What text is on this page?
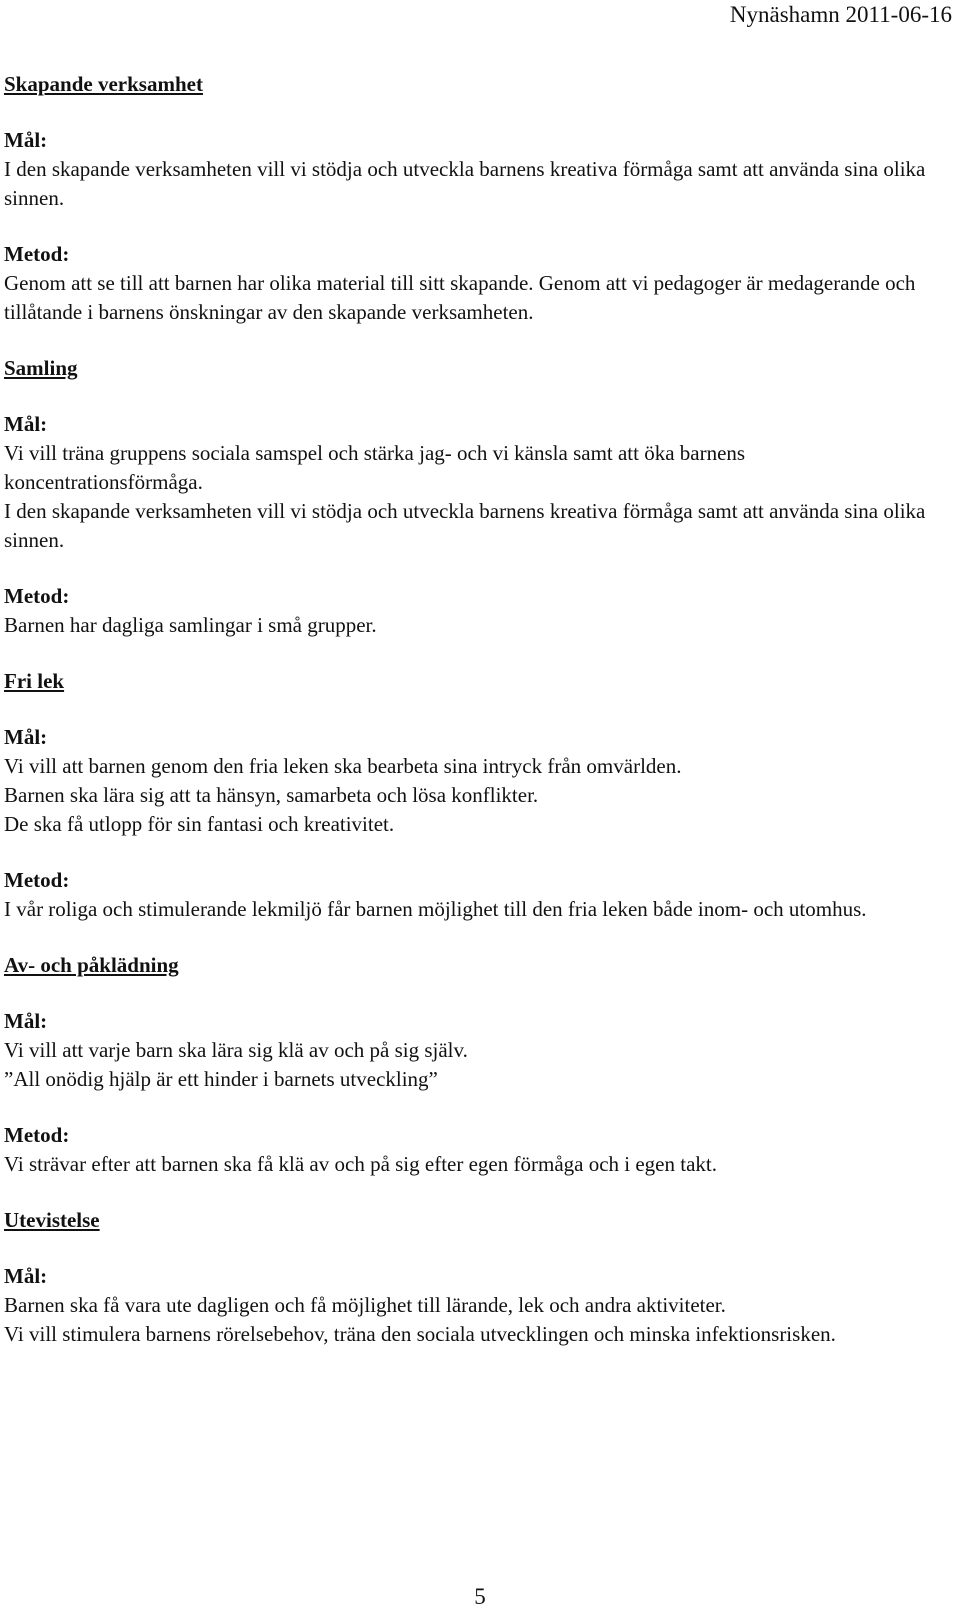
Nynäshamn 2011-06-16

Skapande verksamhet

Mål:

I den skapande verksamheten vill vi stödja och utveckla barnens kreativa förmåga samt att använda sina olika sinnen.

Metod:

Genom att se till att barnen har olika material till sitt skapande. Genom att vi pedagoger är medagerande och tillåtande i barnens önskningar av den skapande verksamheten.

Samling

Mål:

Vi vill träna gruppens sociala samspel och stärka jag- och vi känsla samt att öka barnens koncentrationsförmåga.

I den skapande verksamheten vill vi stödja och utveckla barnens kreativa förmåga samt att använda sina olika sinnen.

Metod:

Barnen har dagliga samlingar i små grupper.

Fri lek

Mål:

Vi vill att barnen genom den fria leken ska bearbeta sina intryck från omvärlden.

Barnen ska lära sig att ta hänsyn, samarbeta och lösa konflikter.

De ska få utlopp för sin fantasi och kreativitet.

Metod:

I vår roliga och stimulerande lekmiljö får barnen möjlighet till den fria leken både inom- och utomhus.

Av- och påklädning

Mål:

Vi vill att varje barn ska lära sig klä av och på sig själv.

”All onödig hjälp är ett hinder i barnets utveckling”

Metod:

Vi strävar efter att barnen ska få klä av och på sig efter egen förmåga och i egen takt.

Utevistelse

Mål:

Barnen ska få vara ute dagligen och få möjlighet till lärande, lek och andra aktiviteter.

Vi vill stimulera barnens rörelsebehov, träna den sociala utvecklingen och minska infektionsrisken.

5
